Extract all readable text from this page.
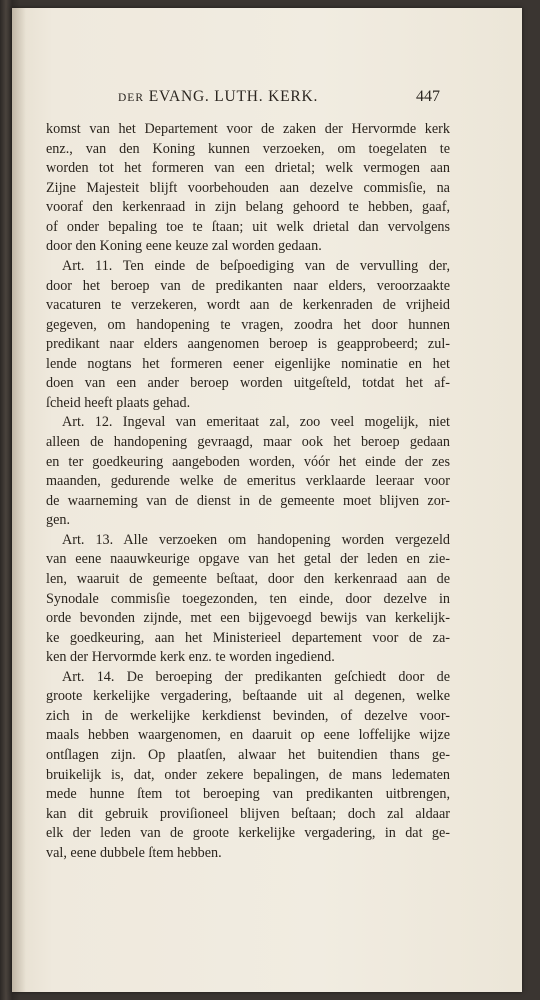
DER EVANG. LUTH. KERK.	447
komst van het Departement voor de zaken der Hervormde kerk
enz., van den Koning kunnen verzoeken, om toegelaten te
worden tot het formeren van een drietal; welk vermogen aan
Zijne Majesteit blijft voorbehouden aan dezelve commisſie, na
vooraf den kerkenraad in zijn belang gehoord te hebben, gaaf,
of onder bepaling toe te ſtaan; uit welk drietal dan vervolgens
door den Koning eene keuze zal worden gedaan.
Art. 11. Ten einde de beſpoediging van de vervulling der,
door het beroep van de predikanten naar elders, veroorzaakte
vacaturen te verzekeren, wordt aan de kerkenraden de vrijheid
gegeven, om handopening te vragen, zoodra het door hunnen
predikant naar elders aangenomen beroep is geapprobeerd; zul-
lende nogtans het formeren eener eigenlijke nominatie en het
doen van een ander beroep worden uitgeſteld, totdat het af-
ſcheid heeft plaats gehad.
Art. 12. Ingeval van emeritaat zal, zoo veel mogelijk, niet
alleen de handopening gevraagd, maar ook het beroep gedaan
en ter goedkeuring aangeboden worden, vóór het einde der zes
maanden, gedurende welke de emeritus verklaarde leeraar voor
de waarneming van de dienst in de gemeente moet blijven zor-
gen.
Art. 13. Alle verzoeken om handopening worden vergezeld
van eene naauwkeurige opgave van het getal der leden en zie-
len, waaruit de gemeente beſtaat, door den kerkenraad aan de
Synodale commisſie toegezonden, ten einde, door dezelve in
orde bevonden zijnde, met een bijgevoegd bewijs van kerkelijk-
ke goedkeuring, aan het Ministerieel departement voor de za-
ken der Hervormde kerk enz. te worden ingediend.
Art. 14. De beroeping der predikanten geſchiedt door de
groote kerkelijke vergadering, beſtaande uit al degenen, welke
zich in de werkelijke kerkdienst bevinden, of dezelve voor-
maals hebben waargenomen, en daaruit op eene loffelijke wijze
ontſlagen zijn. Op plaatſen, alwaar het buitendien thans ge-
bruikelijk is, dat, onder zekere bepalingen, de mans ledematen
mede hunne ſtem tot beroeping van predikanten uitbrengen,
kan dit gebruik proviſioneel blijven beſtaan; doch zal aldaar
elk der leden van de groote kerkelijke vergadering, in dat ge-
val, eene dubbele ſtem hebben.
